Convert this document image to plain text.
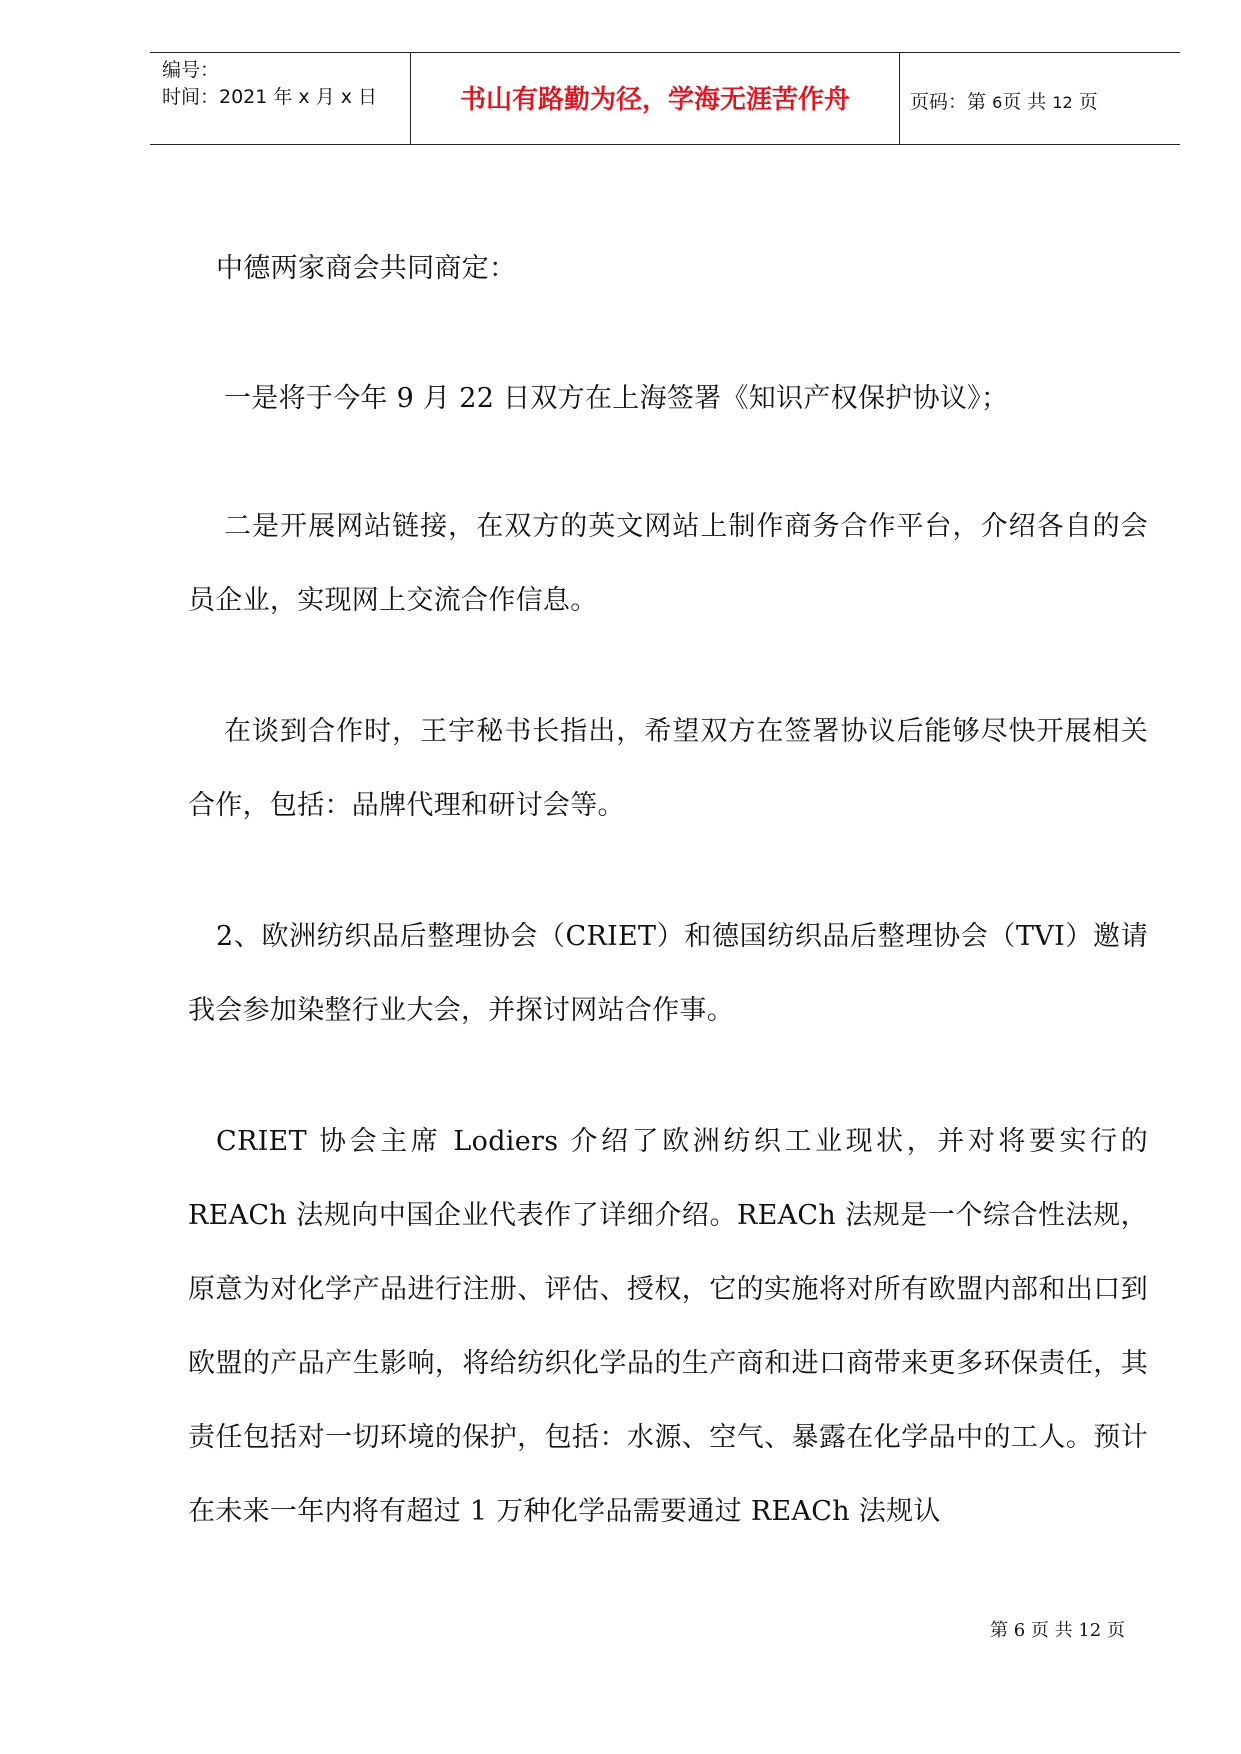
编号：
时间：2021 年 x 月 x 日	书山有路勤为径，学海无涯苦作舟	页码：第 6页 共 12 页

中德两家商会共同商定：

一是将于今年 9 月 22 日双方在上海签署《知识产权保护协议》；

二是开展网站链接，在双方的英文网站上制作商务合作平台，介绍各自的会员企业，实现网上交流合作信息。

在谈到合作时，王宇秘书长指出，希望双方在签署协议后能够尽快开展相关合作，包括：品牌代理和研讨会等。

2、欧洲纺织品后整理协会（CRIET）和德国纺织品后整理协会（TVI）邀请我会参加染整行业大会，并探讨网站合作事。

CRIET 协会主席 Lodiers 介绍了欧洲纺织工业现状，并对将要实行的 REACh 法规向中国企业代表作了详细介绍。REACh 法规是一个综合性法规，原意为对化学产品进行注册、评估、授权，它的实施将对所有欧盟内部和出口到欧盟的产品产生影响，将给纺织化学品的生产商和进口商带来更多环保责任，其责任包括对一切环境的保护，包括：水源、空气、暴露在化学品中的工人。预计在未来一年内将有超过 1 万种化学品需要通过 REACh 法规认

第 6 页 共 12 页
